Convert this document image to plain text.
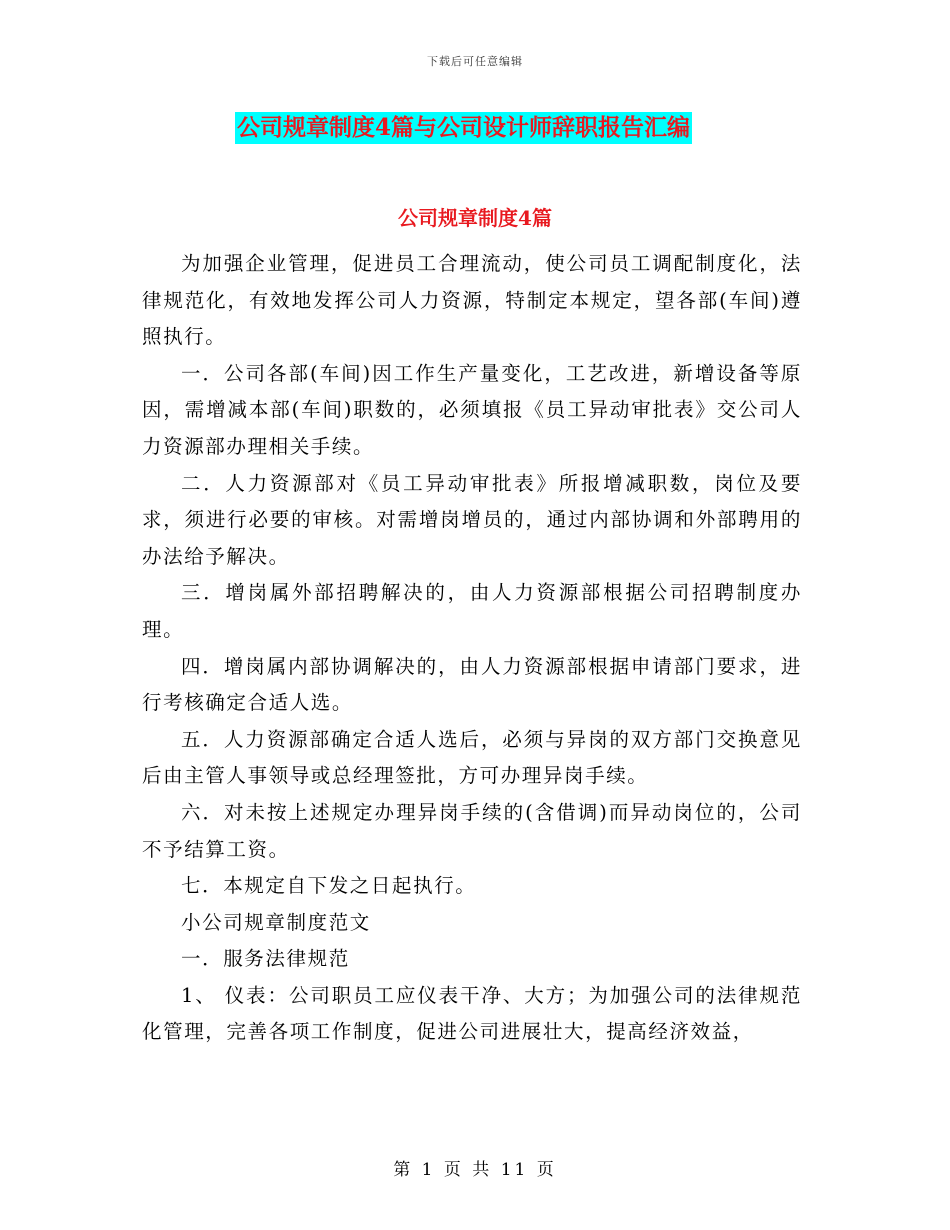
下载后可任意编辑
公司规章制度4篇与公司设计师辞职报告汇编
公司规章制度4篇

为加强企业管理，促进员工合理流动，使公司员工调配制度化，法律规范化，有效地发挥公司人力资源，特制定本规定，望各部(车间)遵照执行。

一．公司各部(车间)因工作生产量变化，工艺改进，新增设备等原因，需增减本部(车间)职数的，必须填报《员工异动审批表》交公司人力资源部办理相关手续。

二．人力资源部对《员工异动审批表》所报增减职数，岗位及要求，须进行必要的审核。对需增岗增员的，通过内部协调和外部聘用的办法给予解决。

三．增岗属外部招聘解决的，由人力资源部根据公司招聘制度办理。

四．增岗属内部协调解决的，由人力资源部根据申请部门要求，进行考核确定合适人选。

五．人力资源部确定合适人选后，必须与异岗的双方部门交换意见后由主管人事领导或总经理签批，方可办理异岗手续。

六．对未按上述规定办理异岗手续的(含借调)而异动岗位的，公司不予结算工资。

七．本规定自下发之日起执行。

小公司规章制度范文

一．服务法律规范

1、 仪表：公司职员工应仪表干净、大方；为加强公司的法律规范化管理，完善各项工作制度，促进公司进展壮大，提高经济效益，

第 1 页 共 11 页
